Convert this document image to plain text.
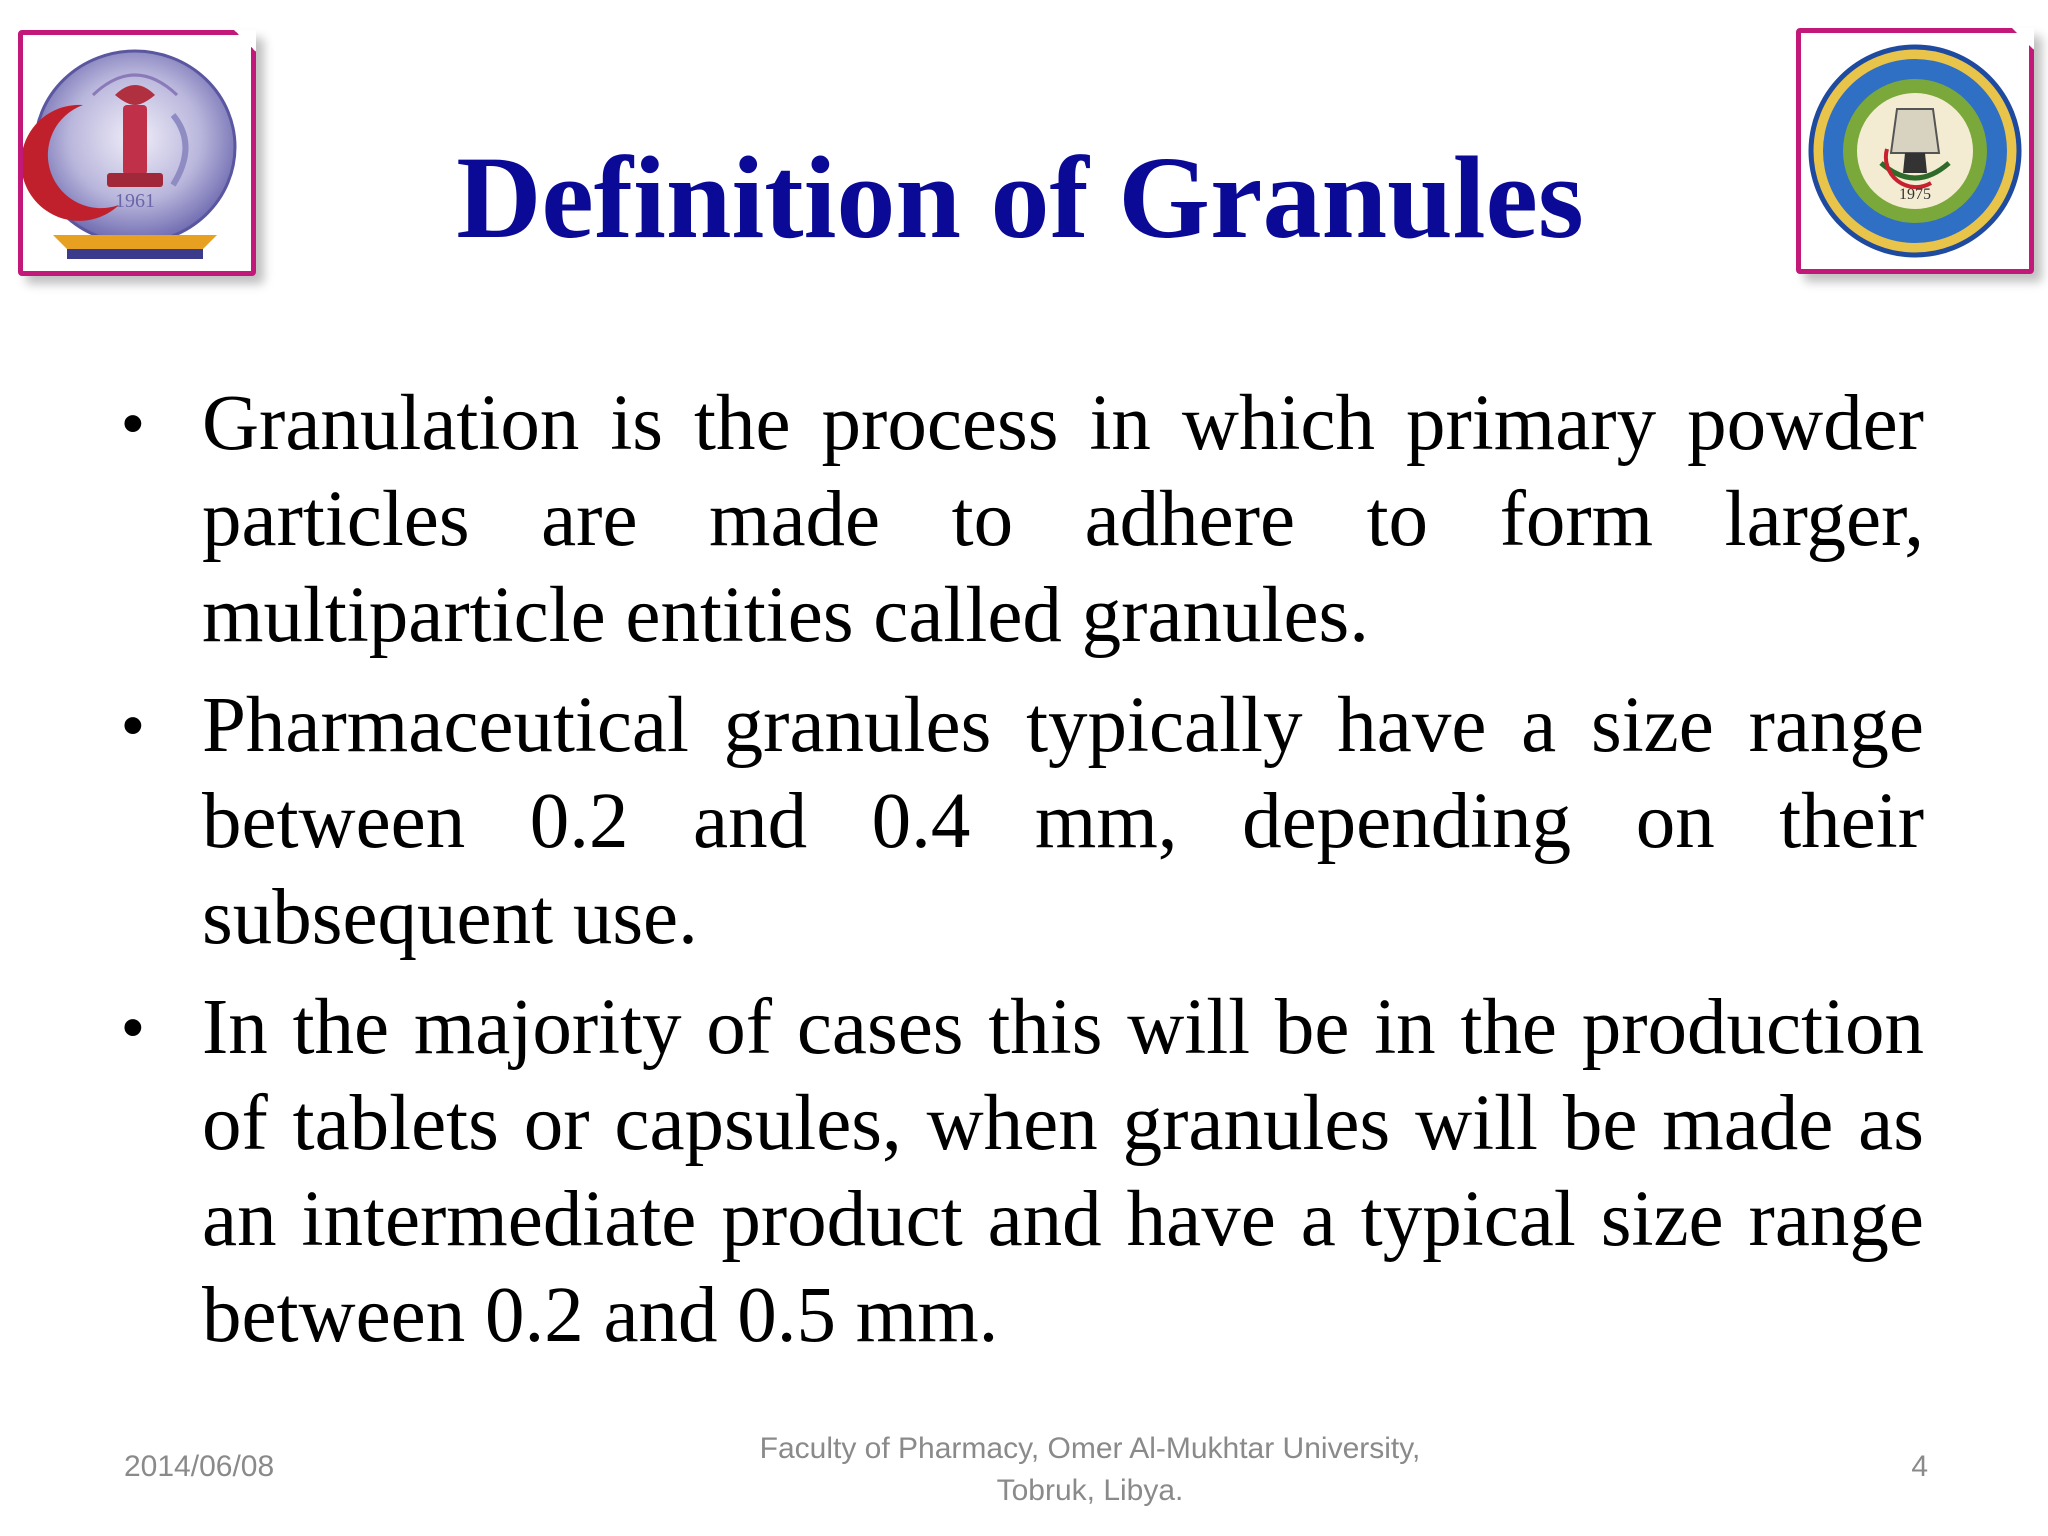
1961	1975
Definition of Granules
• Granulation is the process in which primary powder particles are made to adhere to form larger, multiparticle entities called granules.
• Pharmaceutical granules typically have a size range between 0.2 and 0.4 mm, depending on their subsequent use.
• In the majority of cases this will be in the production of tablets or capsules, when granules will be made as an intermediate product and have a typical size range between 0.2 and 0.5 mm.
2014/06/08
Faculty of Pharmacy, Omer Al-Mukhtar University,
Tobruk, Libya.
4
